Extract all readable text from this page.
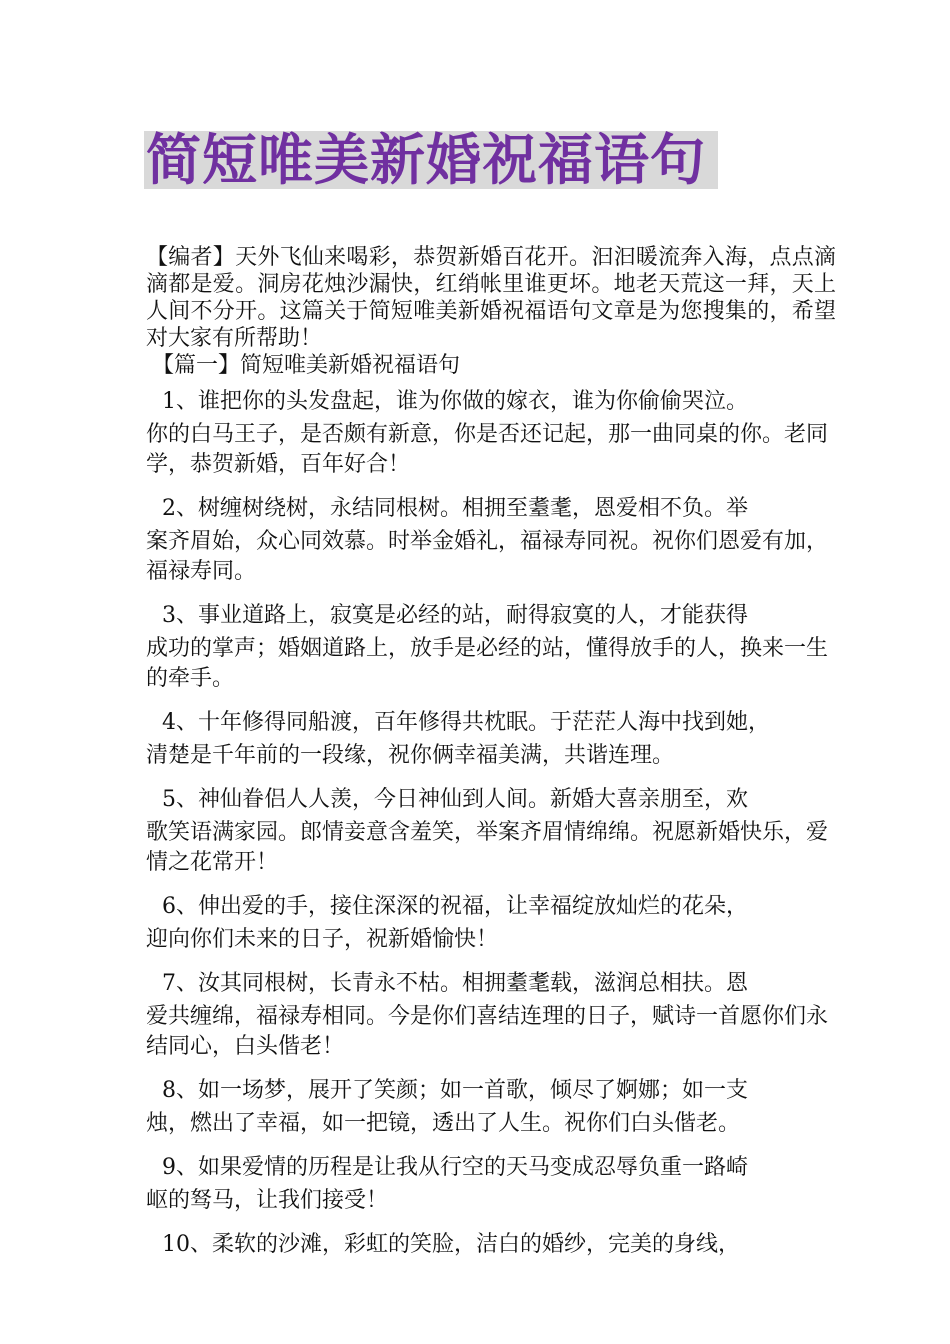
简短唯美新婚祝福语句

【编者】天外飞仙来喝彩，恭贺新婚百花开。汩汩暖流奔入海，点点滴滴都是爱。洞房花烛沙漏快，红绡帐里谁更坏。地老天荒这一拜，天上人间不分开。这篇关于简短唯美新婚祝福语句文章是为您搜集的，希望对大家有所帮助！

【篇一】简短唯美新婚祝福语句

1、谁把你的头发盘起，谁为你做的嫁衣，谁为你偷偷哭泣。
你的白马王子，是否颇有新意，你是否还记起，那一曲同桌的你。老同学，恭贺新婚，百年好合！
2、树缠树绕树，永结同根树。相拥至耋耄，恩爱相不负。举
案齐眉始，众心同效慕。时举金婚礼，福禄寿同祝。祝你们恩爱有加，福禄寿同。
3、事业道路上，寂寞是必经的站，耐得寂寞的人，才能获得
成功的掌声；婚姻道路上，放手是必经的站，懂得放手的人，换来一生的牵手。
4、十年修得同船渡，百年修得共枕眠。于茫茫人海中找到她，
清楚是千年前的一段缘，祝你俩幸福美满，共谐连理。
5、神仙眷侣人人羡，今日神仙到人间。新婚大喜亲朋至，欢
歌笑语满家园。郎情妾意含羞笑，举案齐眉情绵绵。祝愿新婚快乐，爱情之花常开！
6、伸出爱的手，接住深深的祝福，让幸福绽放灿烂的花朵，
迎向你们未来的日子，祝新婚愉快！
7、汝其同根树，长青永不枯。相拥耋耄载，滋润总相扶。恩
爱共缠绵，福禄寿相同。今是你们喜结连理的日子，赋诗一首愿你们永结同心，白头偕老！
8、如一场梦，展开了笑颜；如一首歌，倾尽了婀娜；如一支
烛，燃出了幸福，如一把镜，透出了人生。祝你们白头偕老。
9、如果爱情的历程是让我从行空的天马变成忍辱负重一路崎
岖的驽马，让我们接受！
10、柔软的沙滩，彩虹的笑脸，洁白的婚纱，完美的身线，
